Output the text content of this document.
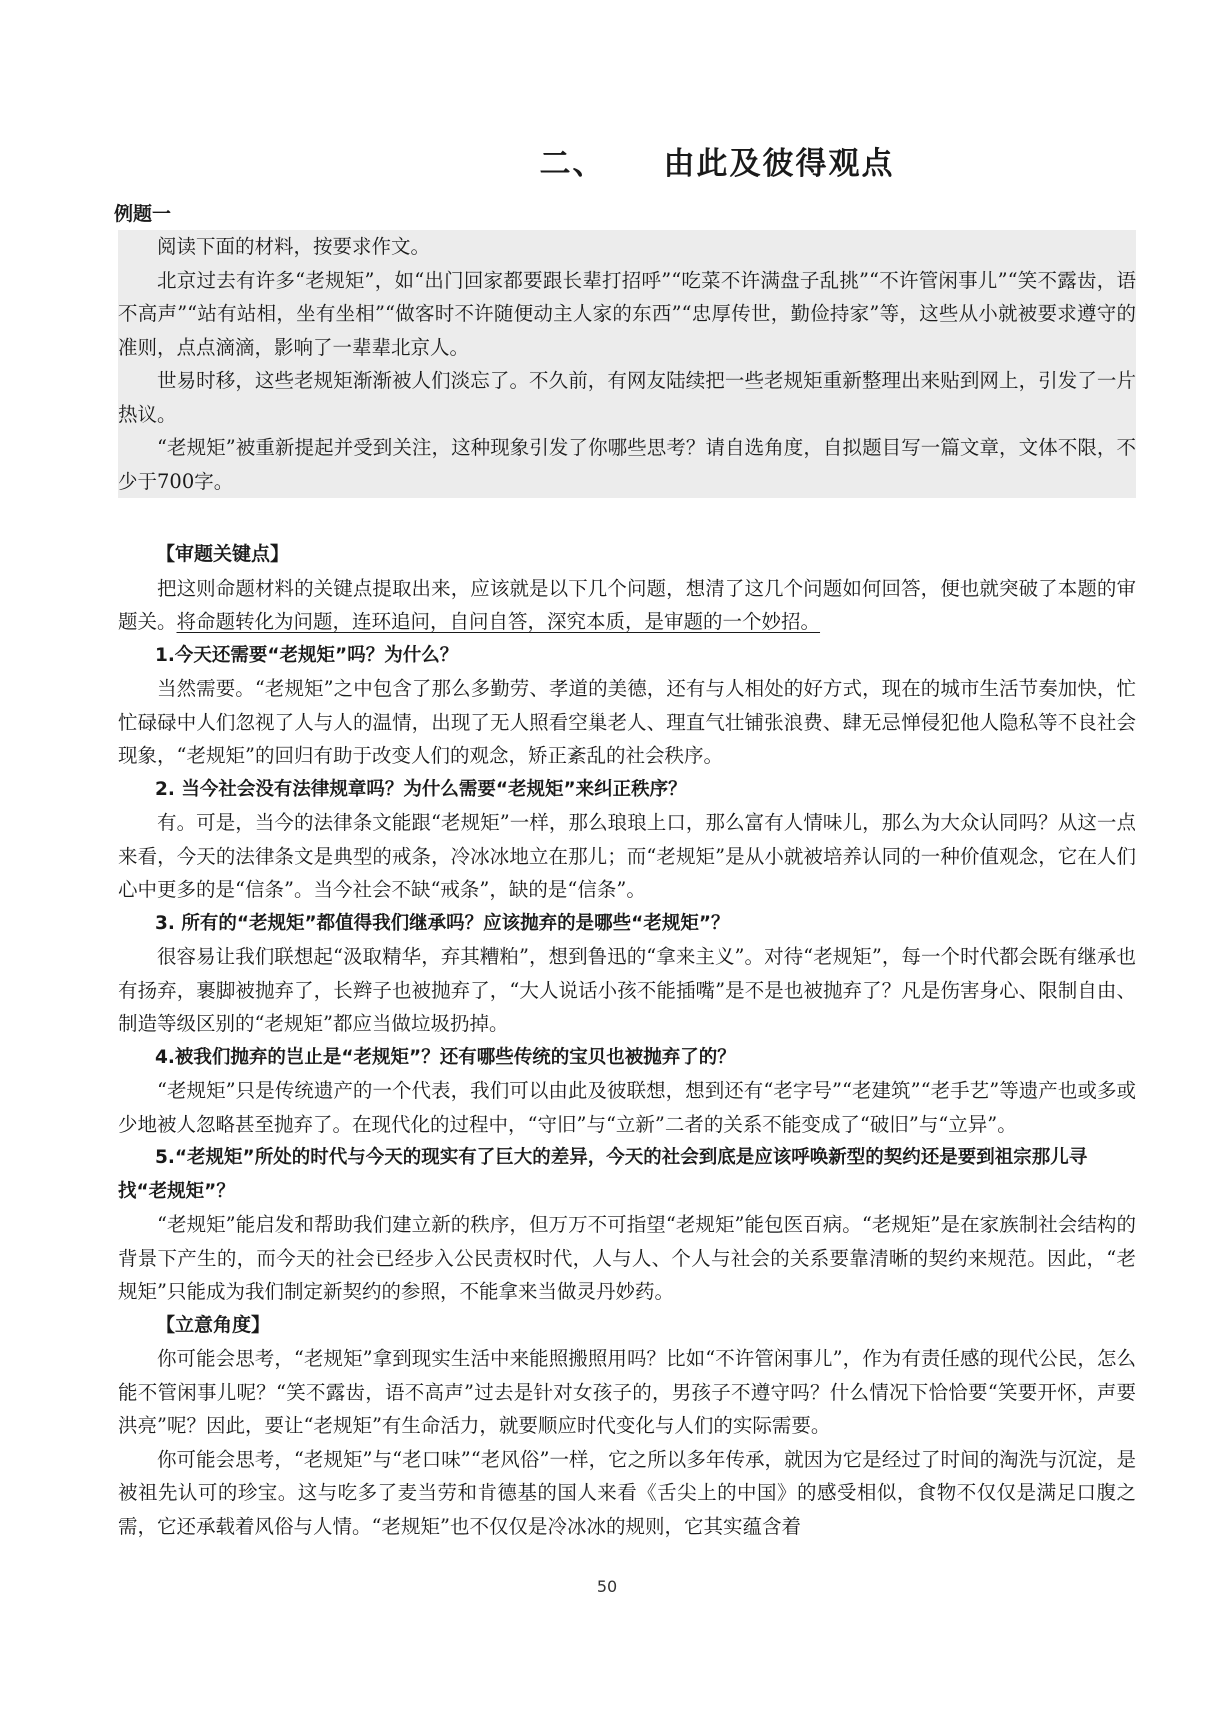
二、 由此及彼得观点
例题一

阅读下面的材料，按要求作文。

北京过去有许多“老规矩”，如“出门回家都要跟长辈打招呼”“吃菜不许满盘子乱挑”“不许管闲事儿”“笑不露齿，语不高声”“站有站相，坐有坐相”“做客时不许随便动主人家的东西”“忠厚传世，勤俭持家”等，这些从小就被要求遵守的准则，点点滴滴，影响了一辈辈北京人。

世易时移，这些老规矩渐渐被人们淡忘了。不久前，有网友陆续把一些老规矩重新整理出来贴到网上，引发了一片热议。

“老规矩”被重新提起并受到关注，这种现象引发了你哪些思考？请自选角度，自拟题目写一篇文章，文体不限，不少于700字。

【审题关键点】

把这则命题材料的关键点提取出来，应该就是以下几个问题，想清了这几个问题如何回答，便也就突破了本题的审题关。将命题转化为问题，连环追问，自问自答，深究本质，是审题的一个妙招。

1.今天还需要“老规矩”吗？为什么？

当然需要。“老规矩”之中包含了那么多勤劳、孝道的美德，还有与人相处的好方式，现在的城市生活节奏加快，忙忙碌碌中人们忽视了人与人的温情，出现了无人照看空巢老人、理直气壮铺张浪费、肆无忌惮侵犯他人隐私等不良社会现象，“老规矩”的回归有助于改变人们的观念，矫正紊乱的社会秩序。

2. 当今社会没有法律规章吗？为什么需要“老规矩”来纠正秩序？

有。可是，当今的法律条文能跟“老规矩”一样，那么琅琅上口，那么富有人情味儿，那么为大众认同吗？从这一点来看，今天的法律条文是典型的戒条，冷冰冰地立在那儿；而“老规矩”是从小就被培养认同的一种价值观念，它在人们心中更多的是“信条”。当今社会不缺“戒条”，缺的是“信条”。

3. 所有的“老规矩”都值得我们继承吗？应该抛弃的是哪些“老规矩”？

很容易让我们联想起“汲取精华，弃其糟粕”，想到鲁迅的“拿来主义”。对待“老规矩”，每一个时代都会既有继承也有扬弃，裹脚被抛弃了，长辫子也被抛弃了，“大人说话小孩不能插嘴”是不是也被抛弃了？凡是伤害身心、限制自由、制造等级区别的“老规矩”都应当做垃圾扔掉。

4.被我们抛弃的岂止是“老规矩”？还有哪些传统的宝贝也被抛弃了的？

“老规矩”只是传统遗产的一个代表，我们可以由此及彼联想，想到还有“老字号”“老建筑”“老手艺”等遗产也或多或少地被人忽略甚至抛弃了。在现代化的过程中，“守旧”与“立新”二者的关系不能变成了“破旧”与“立异”。

5.“老规矩”所处的时代与今天的现实有了巨大的差异，今天的社会到底是应该呼唤新型的契约还是要到祖宗那儿寻找“老规矩”？

“老规矩”能启发和帮助我们建立新的秩序，但万万不可指望“老规矩”能包医百病。“老规矩”是在家族制社会结构的背景下产生的，而今天的社会已经步入公民责权时代，人与人、个人与社会的关系要靠清晰的契约来规范。因此，“老规矩”只能成为我们制定新契约的参照，不能拿来当做灵丹妙药。

【立意角度】

你可能会思考，“老规矩”拿到现实生活中来能照搬照用吗？比如“不许管闲事儿”，作为有责任感的现代公民，怎么能不管闲事儿呢？“笑不露齿，语不高声”过去是针对女孩子的，男孩子不遵守吗？什么情况下恰恰要“笑要开怀，声要洪亮”呢？因此，要让“老规矩”有生命活力，就要顺应时代变化与人们的实际需要。

你可能会思考，“老规矩”与“老口味”“老风俗”一样，它之所以多年传承，就因为它是经过了时间的淘洗与沉淀，是被祖先认可的珍宝。这与吃多了麦当劳和肯德基的国人来看《舌尖上的中国》的感受相似，食物不仅仅是满足口腹之需，它还承载着风俗与人情。“老规矩”也不仅仅是冷冰冰的规则，它其实蕴含着

50
